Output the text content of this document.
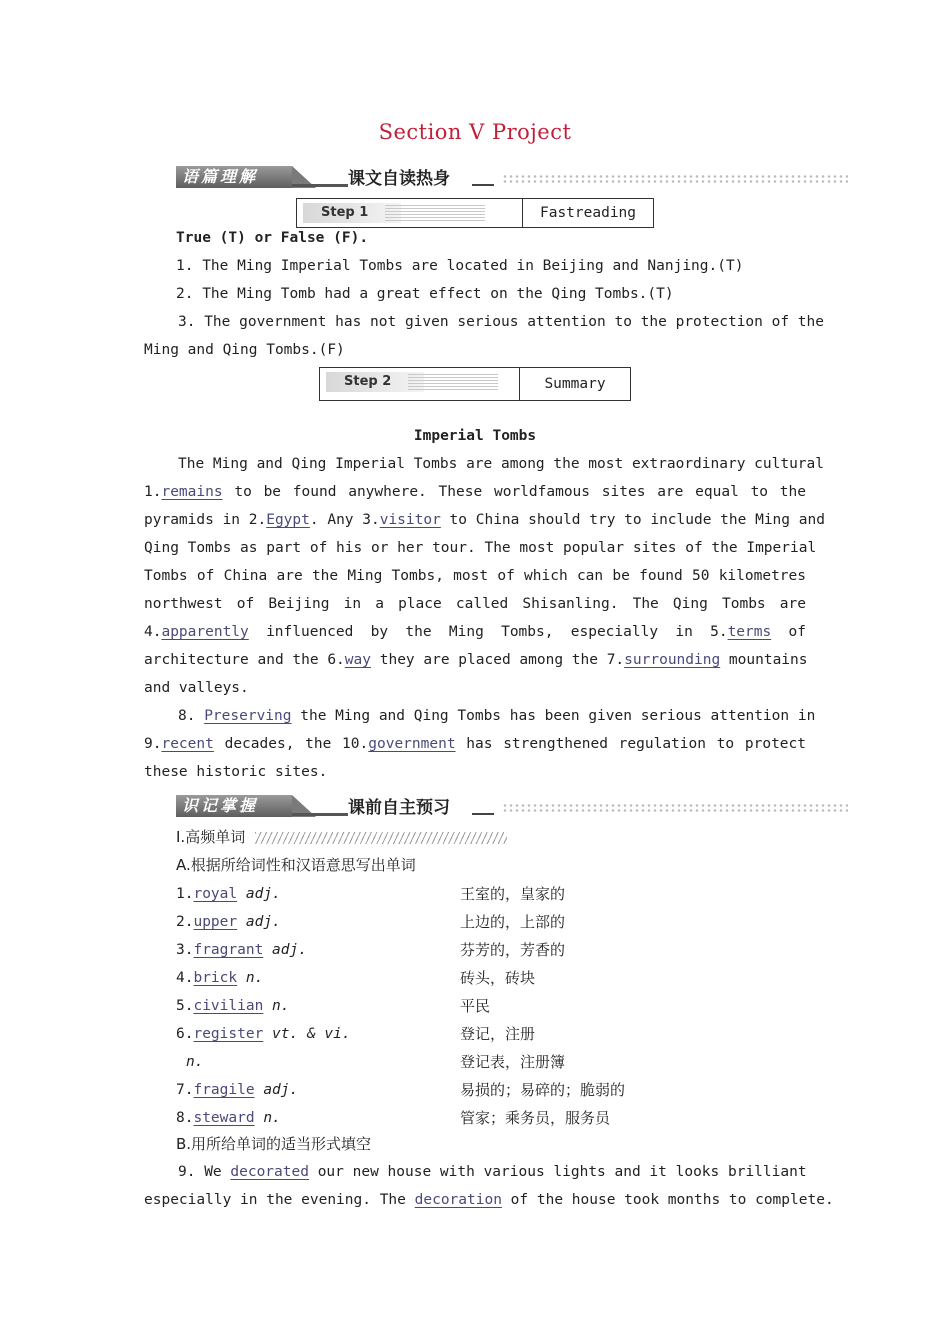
Section Ⅴ Project
语篇理解	课文自读热身
Step 1	Fastreading
True (T) or False (F).
1. The Ming Imperial Tombs are located in Beijing and Nanjing.(T)
2. The Ming Tomb had a great effect on the Qing Tombs.(T)
3. The government has not given serious attention to the protection of the
Ming and Qing Tombs.(F)
Step 2	Summary
Imperial Tombs
The Ming and Qing Imperial Tombs are among the most extraordinary cultural
1.remains to be found anywhere. These worldfamous sites are equal to the
pyramids in 2.Egypt. Any 3.visitor to China should try to include the Ming and
Qing Tombs as part of his or her tour. The most popular sites of the Imperial
Tombs of China are the Ming Tombs, most of which can be found 50 kilometres
northwest of Beijing in a place called Shisanling. The Qing Tombs are
4.apparently influenced by the Ming Tombs, especially in 5.terms of
architecture and the 6.way they are placed among the 7.surrounding mountains
and valleys.
8. Preserving the Ming and Qing Tombs has been given serious attention in
9.recent decades, the 10.government has strengthened regulation to protect
these historic sites.
识记掌握	课前自主预习
Ⅰ.高频单词
A.根据所给词性和汉语意思写出单词
1.royal adj.	王室的，皇家的
2.upper adj.	上边的，上部的
3.fragrant adj.	芬芳的，芳香的
4.brick n.	砖头，砖块
5.civilian n.	平民
6.register vt. & vi.	登记，注册
n.	登记表，注册簿
7.fragile adj.	易损的；易碎的；脆弱的
8.steward n.	管家；乘务员，服务员
B.用所给单词的适当形式填空
9. We decorated our new house with various lights and it looks brilliant
especially in the evening. The decoration of the house took months to complete.
